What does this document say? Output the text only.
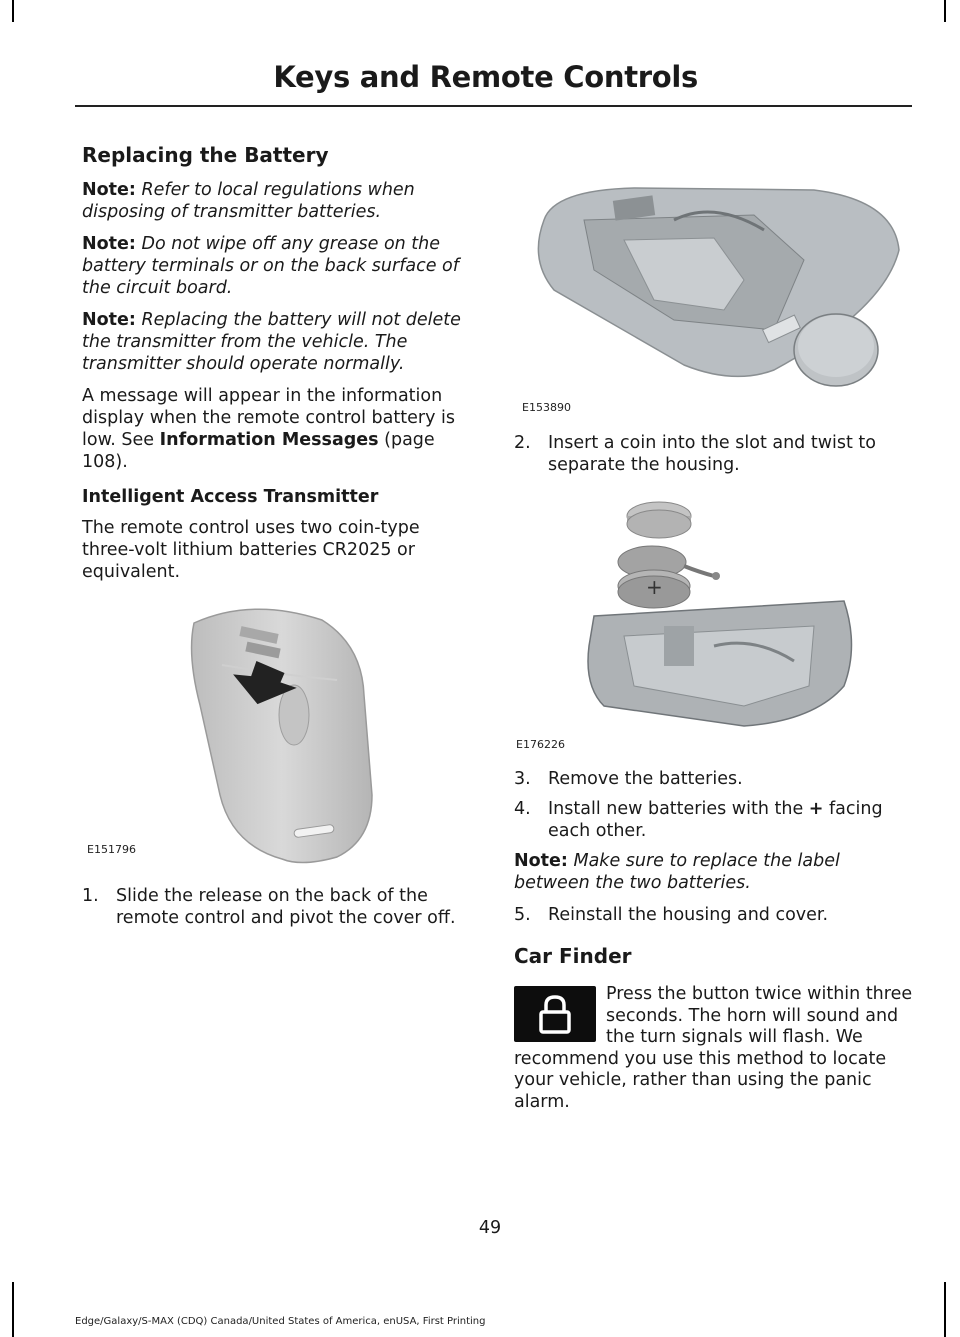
Keys and Remote Controls
Replacing the Battery

Note: Refer to local regulations when disposing of transmitter batteries.

Note: Do not wipe off any grease on the battery terminals or on the back surface of the circuit board.

Note: Replacing the battery will not delete the transmitter from the vehicle. The transmitter should operate normally.

A message will appear in the information display when the remote control battery is low. See Information Messages (page 108).

Intelligent Access Transmitter

The remote control uses two coin-type three-volt lithium batteries CR2025 or equivalent.

E151796
1. Slide the release on the back of the remote control and pivot the cover off.
E153890
2. Insert a coin into the slot and twist to separate the housing.
+
E176226
3. Remove the batteries.
4. Install new batteries with the + facing each other.

Note: Make sure to replace the label between the two batteries.

5. Reinstall the housing and cover.
Car Finder

Press the button twice within three seconds. The horn will sound and the turn signals will flash. We recommend you use this method to locate your vehicle, rather than using the panic alarm.

49
Edge/Galaxy/S-MAX (CDQ) Canada/United States of America, enUSA, First Printing
